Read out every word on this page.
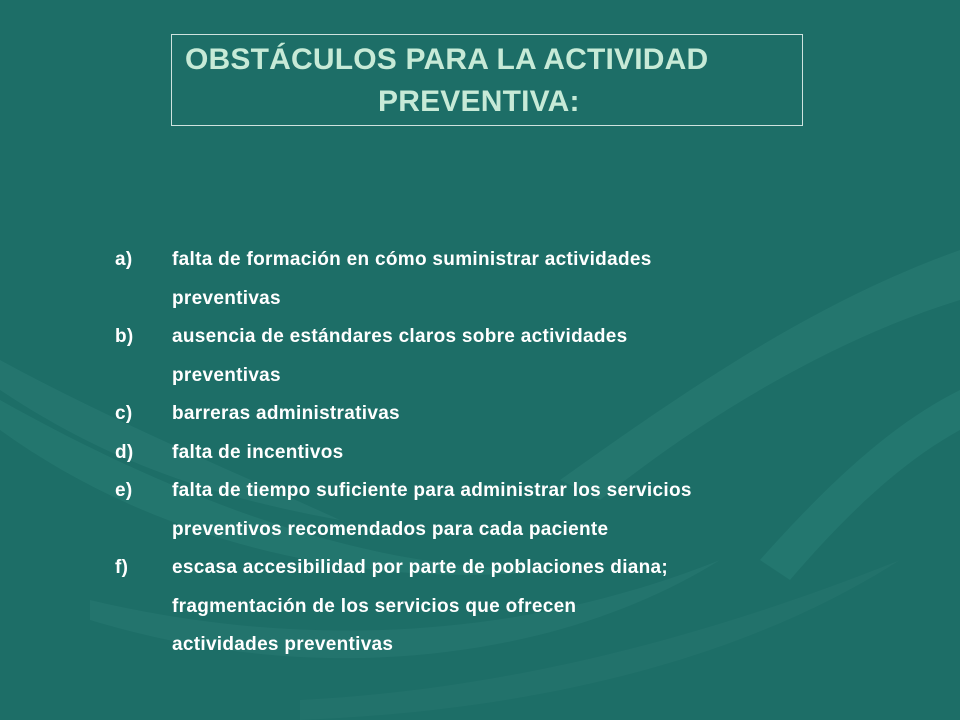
OBSTÁCULOS PARA LA ACTIVIDAD
PREVENTIVA:
a) falta de formación en cómo suministrar actividades
preventivas
b) ausencia de estándares claros sobre actividades
preventivas
c) barreras administrativas
d) falta de incentivos
e) falta de tiempo suficiente para administrar los servicios
preventivos recomendados para cada paciente
f) escasa accesibilidad por parte de poblaciones diana;
fragmentación de los servicios que ofrecen
actividades preventivas
